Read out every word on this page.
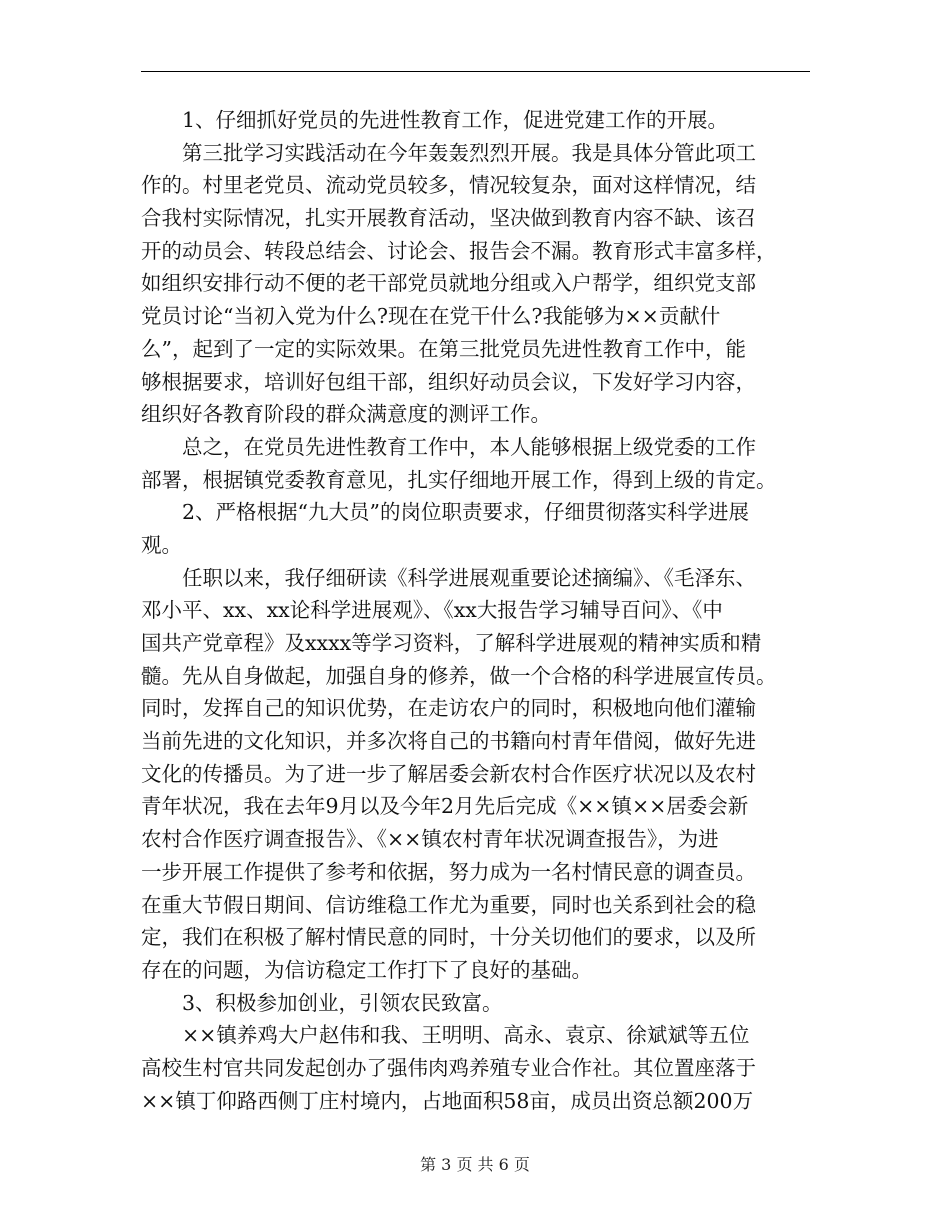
1、仔细抓好党员的先进性教育工作，促进党建工作的开展。
第三批学习实践活动在今年轰轰烈烈开展。我是具体分管此项工
作的。村里老党员、流动党员较多，情况较复杂，面对这样情况，结
合我村实际情况，扎实开展教育活动，坚决做到教育内容不缺、该召
开的动员会、转段总结会、讨论会、报告会不漏。教育形式丰富多样，
如组织安排行动不便的老干部党员就地分组或入户帮学，组织党支部
党员讨论“当初入党为什么?现在在党干什么?我能够为××贡献什
么”，起到了一定的实际效果。在第三批党员先进性教育工作中，能
够根据要求，培训好包组干部，组织好动员会议，下发好学习内容，
组织好各教育阶段的群众满意度的测评工作。
总之，在党员先进性教育工作中，本人能够根据上级党委的工作
部署，根据镇党委教育意见，扎实仔细地开展工作，得到上级的肯定。
2、严格根据“九大员”的岗位职责要求，仔细贯彻落实科学进展
观。
任职以来，我仔细研读《科学进展观重要论述摘编》、《毛泽东、
邓小平、xx、xx论科学进展观》、《xx大报告学习辅导百问》、《中
国共产党章程》及xxxx等学习资料，了解科学进展观的精神实质和精
髓。先从自身做起，加强自身的修养，做一个合格的科学进展宣传员。
同时，发挥自己的知识优势，在走访农户的同时，积极地向他们灌输
当前先进的文化知识，并多次将自己的书籍向村青年借阅，做好先进
文化的传播员。为了进一步了解居委会新农村合作医疗状况以及农村
青年状况，我在去年9月以及今年2月先后完成《××镇××居委会新
农村合作医疗调查报告》、《××镇农村青年状况调查报告》，为进
一步开展工作提供了参考和依据，努力成为一名村情民意的调查员。
在重大节假日期间、信访维稳工作尤为重要，同时也关系到社会的稳
定，我们在积极了解村情民意的同时，十分关切他们的要求，以及所
存在的问题，为信访稳定工作打下了良好的基础。
3、积极参加创业，引领农民致富。
××镇养鸡大户赵伟和我、王明明、高永、袁京、徐斌斌等五位
高校生村官共同发起创办了强伟肉鸡养殖专业合作社。其位置座落于
××镇丁仰路西侧丁庄村境内，占地面积58亩，成员出资总额200万
第 3 页 共 6 页
